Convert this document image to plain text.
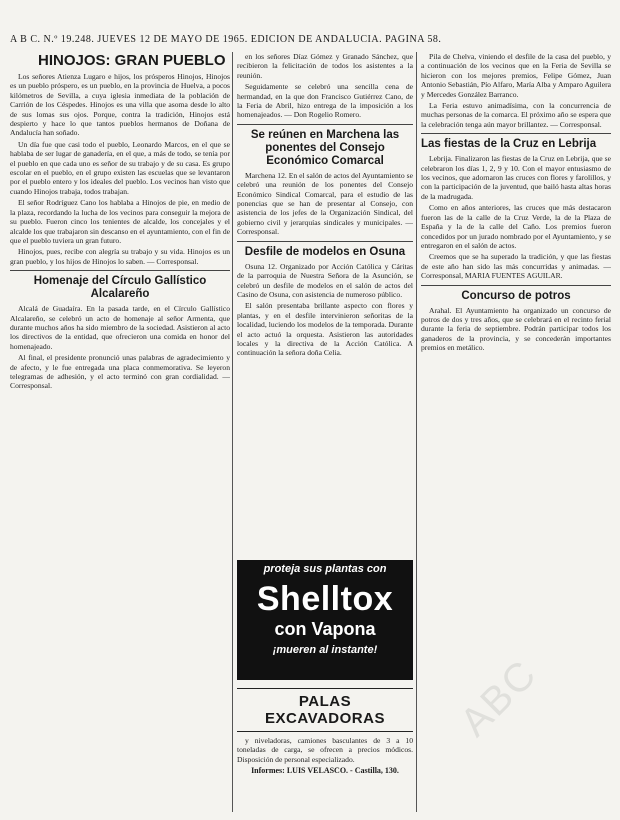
A B C. N.º 19.248. JUEVES 12 DE MAYO DE 1965. EDICION DE ANDALUCIA. PAGINA 58.
HINOJOS: GRAN PUEBLO

Los señores Atienza Lugaro e hijos, los prósperos Hinojos, Hinojos es un pueblo próspero, es un pueblo, en la provincia de Huelva, a pocos kilómetros de Sevilla, a cuya iglesia inmediata de la población de Carrión de los Céspedes. Hinojos es una villa que asoma desde lo alto de sus lomas sus ojos. Porque, contra la tradición, Hinojos está despierto y hace lo que tantos pueblos hermanos de Doñana de Andalucía han soñado.

Un día fue que casi todo el pueblo, Leonardo Marcos, en el que se hablaba de ser lugar de ganadería, en el que, a más de todo, se tenía por el pueblo en que cada uno es señor de su trabajo y de su casa. Es grupo escolar en el pueblo, en el grupo existen las escuelas que se levantaron por el pueblo entero y los ideales del pueblo. Los vecinos han visto que cuando Hinojos trabaja, todos trabajan.

El señor Rodríguez Cano los hablaba a Hinojos de pie, en medio de la plaza, recordando la lucha de los vecinos para conseguir la mejora de su pueblo. Fueron cinco los tenientes de alcalde, los concejales y el alcalde los que trabajaron sin descanso en el ayuntamiento, con el fin de que el pueblo tuviera un gran futuro.

Hinojos, pues, recibe con alegría su trabajo y su vida. Hinojos es un gran pueblo, y los hijos de Hinojos lo saben. — Corresponsal.

Homenaje del Círculo Gallístico Alcalareño

Alcalá de Guadaíra. En la pasada tarde, en el Círculo Gallístico Alcalareño, se celebró un acto de homenaje al señor Armenta, que durante muchos años ha sido miembro de la sociedad. Asistieron al acto los directivos de la entidad, que ofrecieron una comida en honor del homenajeado.

Al final, el presidente pronunció unas palabras de agradecimiento y de afecto, y le fue entregada una placa conmemorativa. Se leyeron telegramas de adhesión, y el acto terminó con gran cordialidad. — Corresponsal.

en los señores Díaz Gómez y Granado Sánchez, que recibieron la felicitación de todos los asistentes a la reunión.

Seguidamente se celebró una sencilla cena de hermandad, en la que don Francisco Gutiérrez Cano, de la Feria de Abril, hizo entrega de la imposición a los homenajeados. — Don Rogelio Romero.

Se reúnen en Marchena las ponentes del Consejo Económico Comarcal

Marchena 12. En el salón de actos del Ayuntamiento se celebró una reunión de los ponentes del Consejo Económico Sindical Comarcal, para el estudio de las ponencias que se han de presentar al Consejo, con asistencia de los jefes de la Organización Sindical, del gobierno civil y jerarquías sindicales y municipales. — Corresponsal.

Desfile de modelos en Osuna

Osuna 12. Organizado por Acción Católica y Cáritas de la parroquia de Nuestra Señora de la Asunción, se celebró un desfile de modelos en el salón de actos del Casino de Osuna, con asistencia de numeroso público.

El salón presentaba brillante aspecto con flores y plantas, y en el desfile intervinieron señoritas de la localidad, luciendo los modelos de la temporada. Durante el acto actuó la orquesta. Asistieron las autoridades locales y la directiva de la Acción Católica. A continuación la señora doña Celia.

proteja sus plantas con
Shelltox
con Vapona
¡mueren al instante!
PALAS EXCAVADORAS

y niveladoras, camiones basculantes de 3 a 10 toneladas de carga, se ofrecen a precios módicos. Disposición de personal especializado.

Informes: LUIS VELASCO. - Castilla, 130.

Pila de Chelva, viniendo el desfile de la casa del pueblo, y a continuación de los vecinos que en la Feria de Sevilla se hicieron con los mejores premios, Felipe Gómez, Juan Antonio Sebastián, Pío Alfaro, María Alba y Amparo Aguilera y Mercedes González Barranco.

La Feria estuvo animadísima, con la concurrencia de muchas personas de la comarca. El próximo año se espera que la celebración tenga aún mayor brillantez. — Corresponsal.

Las fiestas de la Cruz en Lebrija

Lebrija. Finalizaron las fiestas de la Cruz en Lebrija, que se celebraron los días 1, 2, 9 y 10. Con el mayor entusiasmo de los vecinos, que adornaron las cruces con flores y farolillos, y con la participación de la juventud, que bailó hasta altas horas de la madrugada.

Como en años anteriores, las cruces que más destacaron fueron las de la calle de la Cruz Verde, la de la Plaza de España y la de la calle del Caño. Los premios fueron concedidos por un jurado nombrado por el Ayuntamiento, y se entregaron en el salón de actos.

Creemos que se ha superado la tradición, y que las fiestas de este año han sido las más concurridas y animadas. — Corresponsal, MARIA FUENTES AGUILAR.

Concurso de potros

Arahal. El Ayuntamiento ha organizado un concurso de potros de dos y tres años, que se celebrará en el recinto ferial durante la feria de septiembre. Podrán participar todos los ganaderos de la provincia, y se concederán importantes premios en metálico.

ABC
